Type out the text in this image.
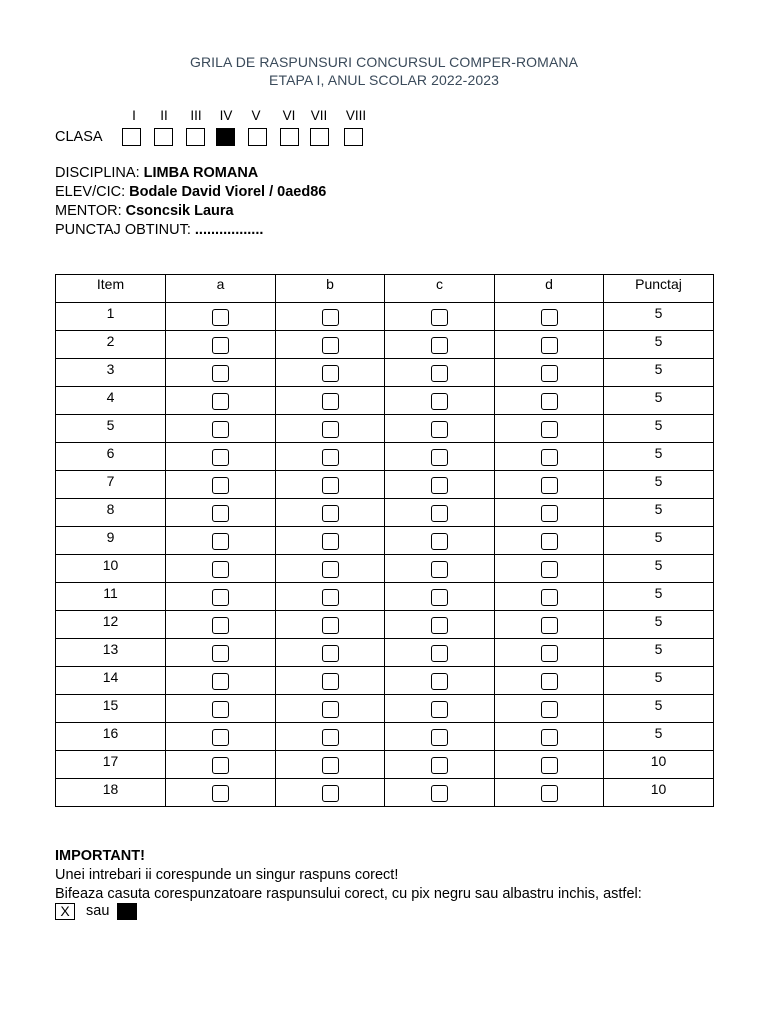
GRILA DE RASPUNSURI CONCURSUL COMPER-ROMANA
ETAPA I, ANUL SCOLAR 2022-2023
CLASA
I	II	III	IV	V	VI	VII	VIII
DISCIPLINA: LIMBA ROMANA
ELEV/CIC: Bodale David Viorel / 0aed86
MENTOR: Csoncsik Laura
PUNCTAJ OBTINUT: .................
Item	a	b	c	d	Punctaj
1					5
2					5
3					5
4					5
5					5
6					5
7					5
8					5
9					5
10					5
11					5
12					5
13					5
14					5
15					5
16					5
17					10
18					10
IMPORTANT!
Unei intrebari ii corespunde un singur raspuns corect!
Bifeaza casuta corespunzatoare raspunsului corect, cu pix negru sau albastru inchis, astfel:
X	sau
